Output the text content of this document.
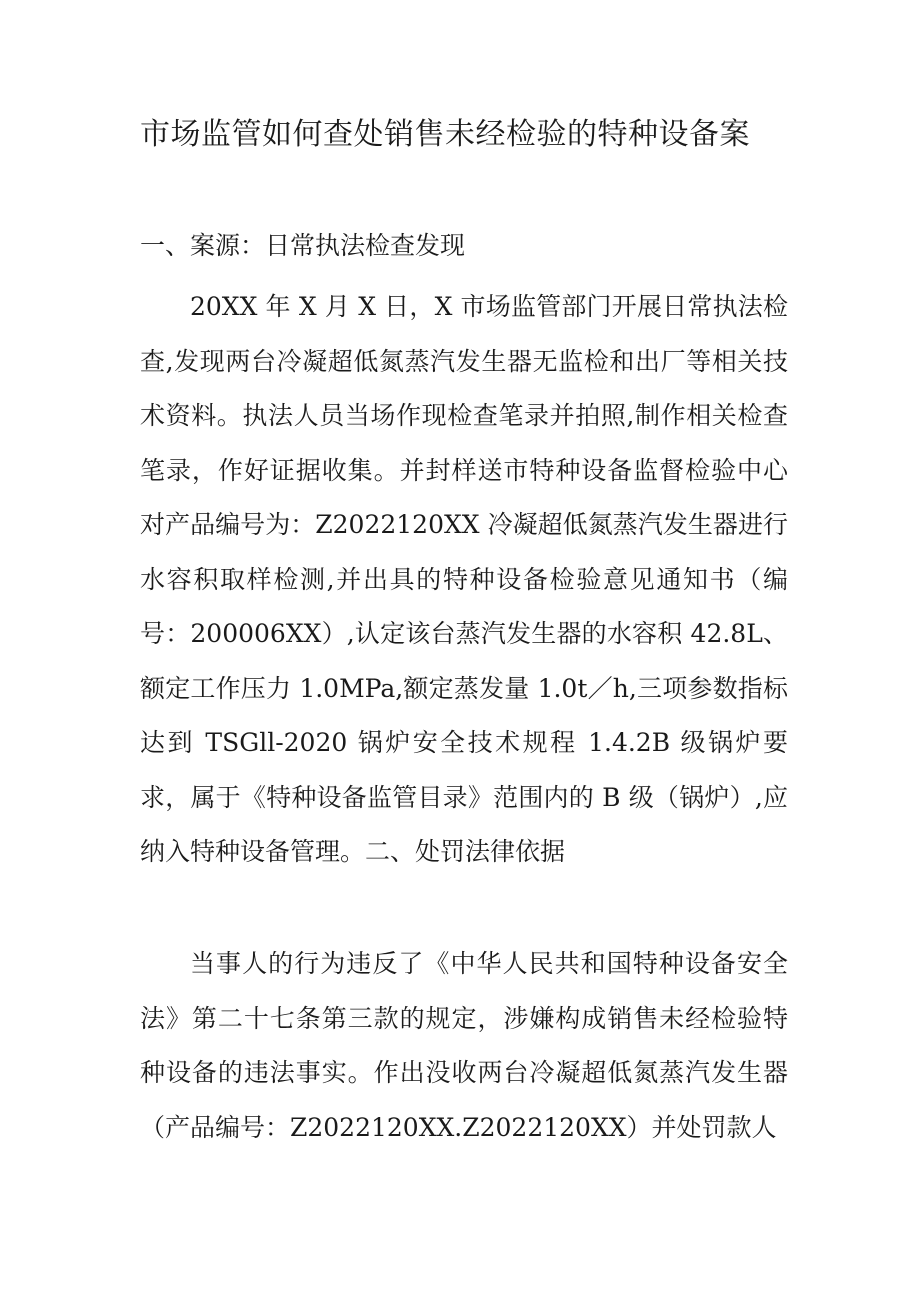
市场监管如何查处销售未经检验的特种设备案
一、案源：日常执法检查发现

20XX 年 X 月 X 日，X 市场监管部门开展日常执法检查,发现两台冷凝超低氮蒸汽发生器无监检和出厂等相关技术资料。执法人员当场作现检查笔录并拍照,制作相关检查笔录，作好证据收集。并封样送市特种设备监督检验中心对产品编号为：Z2022120XX 冷凝超低氮蒸汽发生器进行水容积取样检测,并出具的特种设备检验意见通知书（编号：200006XX）,认定该台蒸汽发生器的水容积 42.8L、额定工作压力 1.0MPa,额定蒸发量 1.0t／h,三项参数指标达到 TSGll-2020 锅炉安全技术规程 1.4.2B 级锅炉要求，属于《特种设备监管目录》范围内的 B 级（锅炉）,应纳入特种设备管理。二、处罚法律依据

当事人的行为违反了《中华人民共和国特种设备安全法》第二十七条第三款的规定，涉嫌构成销售未经检验特种设备的违法事实。作出没收两台冷凝超低氮蒸汽发生器（产品编号：Z2022120XX.Z2022120XX）并处罚款人
